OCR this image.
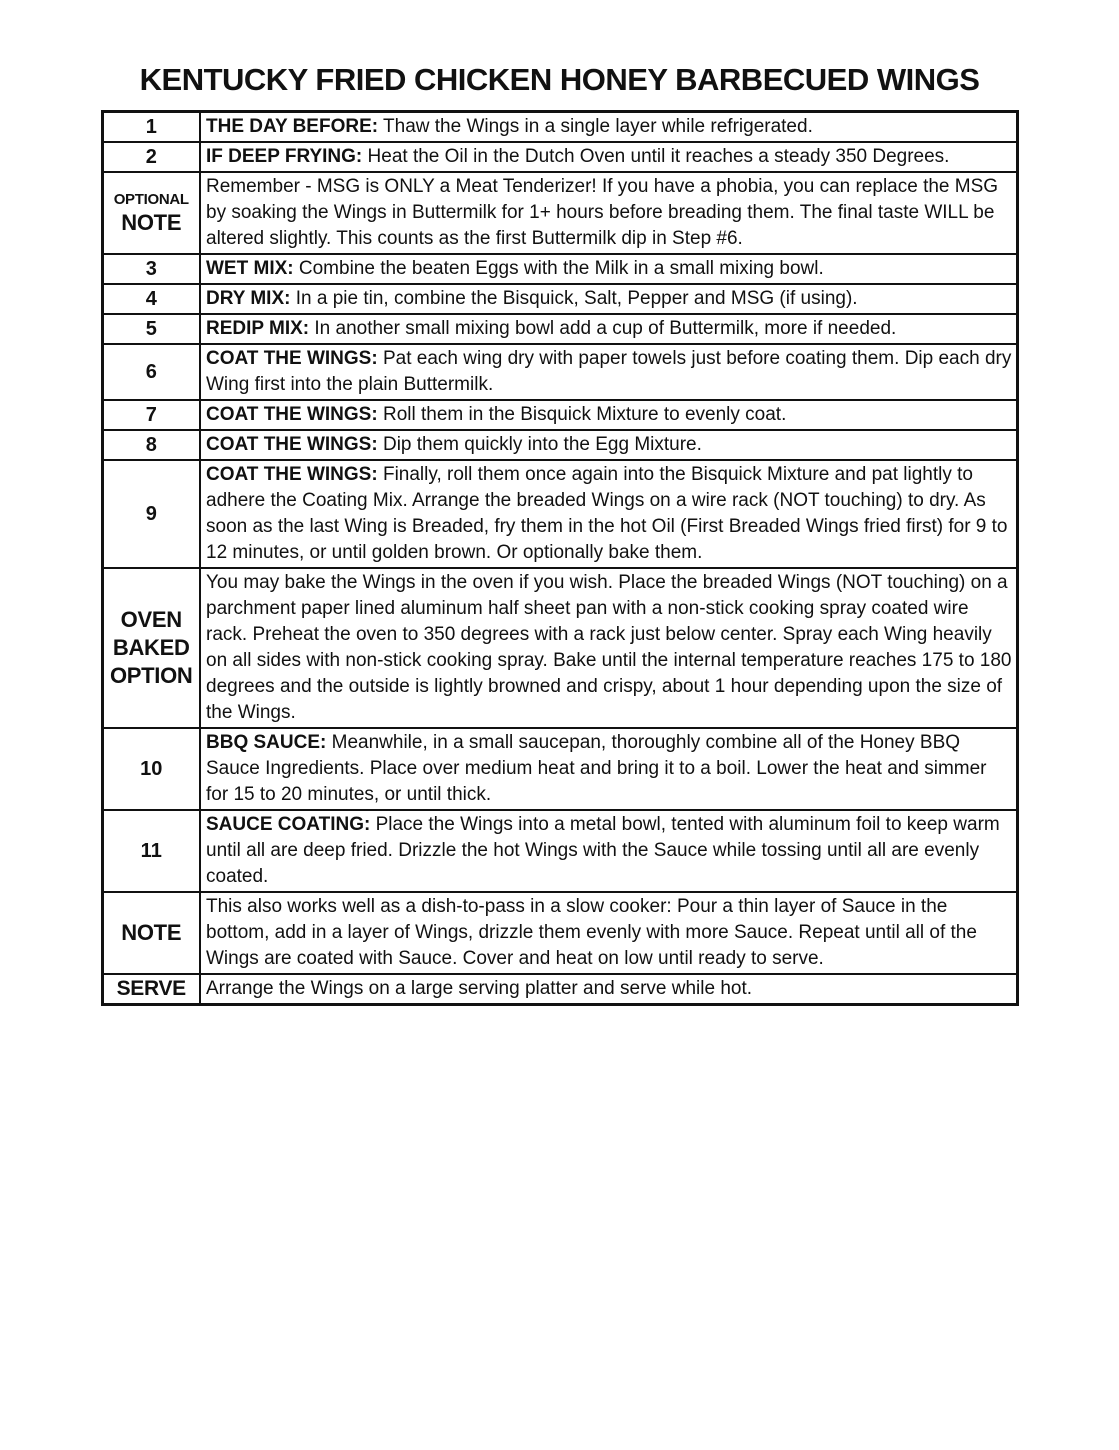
KENTUCKY FRIED CHICKEN HONEY BARBECUED WINGS
1	THE DAY BEFORE: Thaw the Wings in a single layer while refrigerated.

2	IF DEEP FRYING: Heat the Oil in the Dutch Oven until it reaches a steady 350 Degrees.

OPTIONAL
NOTE	Remember - MSG is ONLY a Meat Tenderizer! If you have a phobia, you can replace the MSG by soaking the Wings in Buttermilk for 1+ hours before breading them. The final taste WILL be altered slightly. This counts as the first Buttermilk dip in Step #6.

3	WET MIX: Combine the beaten Eggs with the Milk in a small mixing bowl.

4	DRY MIX: In a pie tin, combine the Bisquick, Salt, Pepper and MSG (if using).

5	REDIP MIX: In another small mixing bowl add a cup of Buttermilk, more if needed.

6	COAT THE WINGS: Pat each wing dry with paper towels just before coating them. Dip each dry Wing first into the plain Buttermilk.

7	COAT THE WINGS: Roll them in the Bisquick Mixture to evenly coat.

8	COAT THE WINGS: Dip them quickly into the Egg Mixture.

9	COAT THE WINGS: Finally, roll them once again into the Bisquick Mixture and pat lightly to adhere the Coating Mix. Arrange the breaded Wings on a wire rack (NOT touching) to dry. As soon as the last Wing is Breaded, fry them in the hot Oil (First Breaded Wings fried first) for 9 to 12 minutes, or until golden brown. Or optionally bake them.

OVEN
BAKED
OPTION
	You may bake the Wings in the oven if you wish. Place the breaded Wings (NOT touching) on a parchment paper lined aluminum half sheet pan with a non-stick cooking spray coated wire rack. Preheat the oven to 350 degrees with a rack just below center. Spray each Wing heavily on all sides with non-stick cooking spray. Bake until the internal temperature reaches 175 to 180 degrees and the outside is lightly browned and crispy, about 1 hour depending upon the size of the Wings.

10	BBQ SAUCE: Meanwhile, in a small saucepan, thoroughly combine all of the Honey BBQ Sauce Ingredients. Place over medium heat and bring it to a boil. Lower the heat and simmer for 15 to 20 minutes, or until thick.

11	SAUCE COATING: Place the Wings into a metal bowl, tented with aluminum foil to keep warm until all are deep fried. Drizzle the hot Wings with the Sauce while tossing until all are evenly coated.

NOTE	This also works well as a dish-to-pass in a slow cooker: Pour a thin layer of Sauce in the bottom, add in a layer of Wings, drizzle them evenly with more Sauce. Repeat until all of the Wings are coated with Sauce. Cover and heat on low until ready to serve.

SERVE	Arrange the Wings on a large serving platter and serve while hot.
